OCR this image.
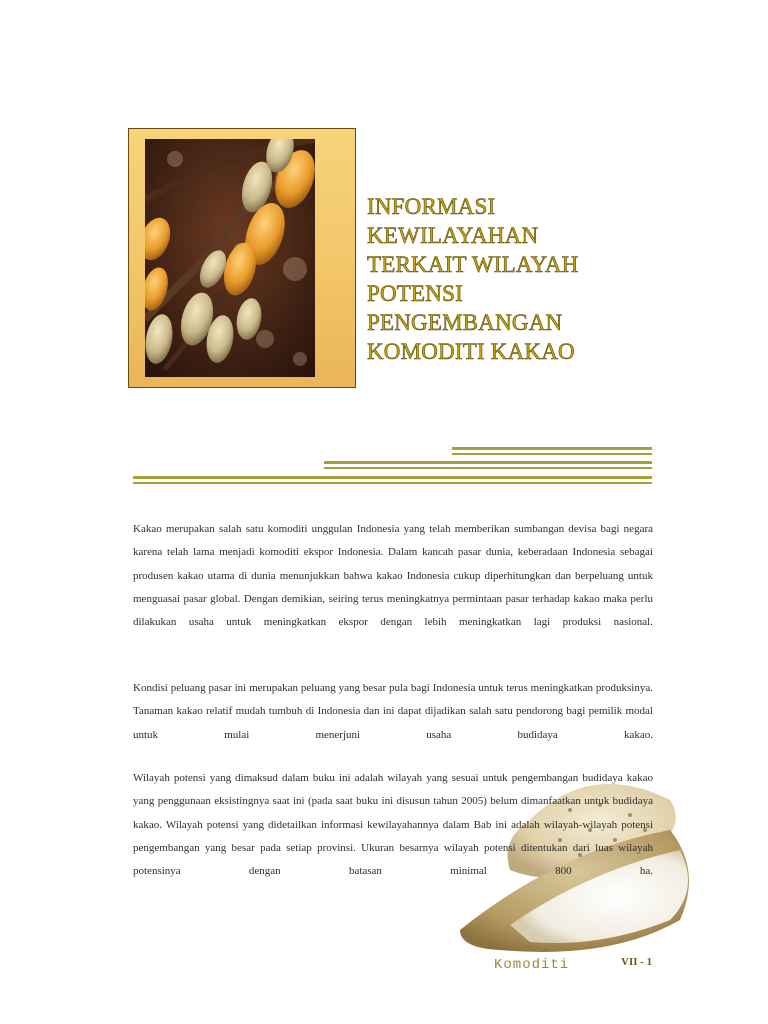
INFORMASI
KEWILAYAHAN
TERKAIT WILAYAH
POTENSI
PENGEMBANGAN
KOMODITI KAKAO

Kakao merupakan salah satu komoditi unggulan Indonesia yang telah memberikan sumbangan devisa bagi negara karena telah lama menjadi komoditi ekspor Indonesia. Dalam kancah pasar dunia, keberadaan Indonesia sebagai produsen kakao utama di dunia menunjukkan bahwa kakao Indonesia cukup diperhitungkan dan berpeluang untuk menguasai pasar global. Dengan demikian, seiring terus meningkatnya permintaan pasar terhadap kakao maka perlu dilakukan usaha untuk meningkatkan ekspor dengan lebih meningkatkan lagi produksi nasional.

Kondisi peluang pasar ini merupakan peluang yang besar pula bagi Indonesia untuk terus meningkatkan produksinya. Tanaman kakao relatif mudah tumbuh di Indonesia dan ini dapat dijadikan salah satu pendorong bagi pemilik modal untuk mulai menerjuni usaha budidaya kakao.

Wilayah potensi yang dimaksud dalam buku ini adalah wilayah yang sesuai untuk pengembangan budidaya kakao yang penggunaan eksistingnya saat ini (pada saat buku ini disusun tahun 2005) belum dimanfaatkan untuk budidaya kakao. Wilayah potensi yang didetailkan informasi kewilayahannya dalam Bab ini adalah wilayah-wilayah potensi pengembangan yang besar pada setiap provinsi. Ukuran besarnya wilayah potensi ditentukan dari luas wilayah potensinya dengan batasan minimal 800 ha.

Komoditi	VII - 1
